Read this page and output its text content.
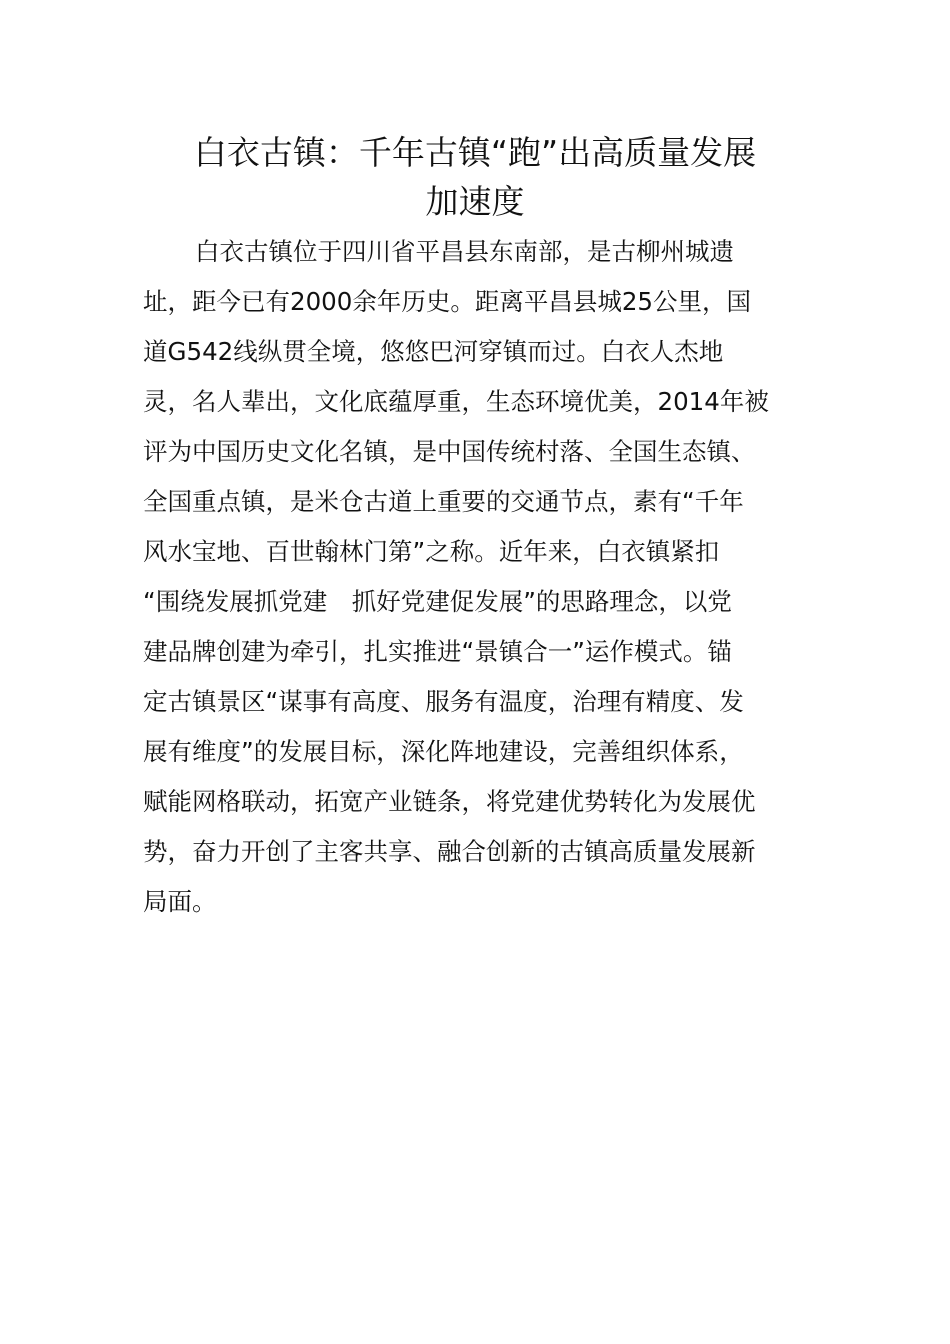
白衣古镇：千年古镇“跑”出高质量发展
加速度
白衣古镇位于四川省平昌县东南部，是古柳州城遗
址，距今已有2000余年历史。距离平昌县城25公里，国
道G542线纵贯全境，悠悠巴河穿镇而过。白衣人杰地
灵，名人辈出，文化底蕴厚重，生态环境优美，2014年被
评为中国历史文化名镇，是中国传统村落、全国生态镇、
全国重点镇，是米仓古道上重要的交通节点，素有“千年
风水宝地、百世翰林门第”之称。近年来，白衣镇紧扣
“围绕发展抓党建　抓好党建促发展”的思路理念，以党
建品牌创建为牵引，扎实推进“景镇合一”运作模式。锚
定古镇景区“谋事有高度、服务有温度，治理有精度、发
展有维度”的发展目标，深化阵地建设，完善组织体系，
赋能网格联动，拓宽产业链条，将党建优势转化为发展优
势，奋力开创了主客共享、融合创新的古镇高质量发展新
局面。
